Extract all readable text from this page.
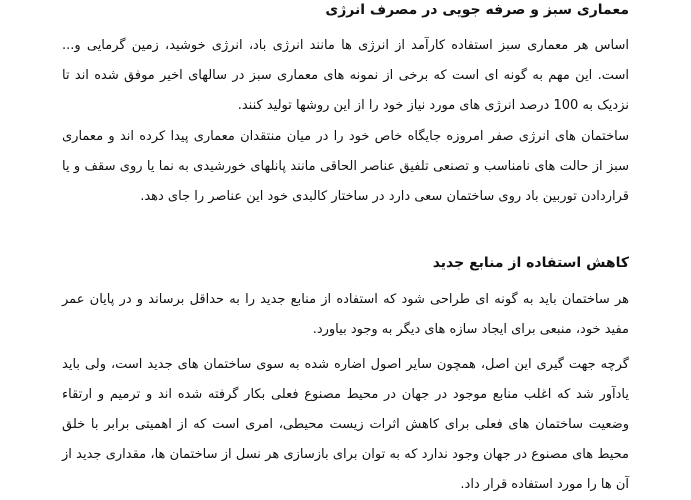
معماری سبز و صرفه جویی در مصرف انرژی

اساس هر معماری سبز استفاده کارآمد از انرژی ها مانند انرژی باد، انرژی خوشید، زمین گرمایی و... است. این مهم به گونه ای است که برخی از نمونه های معماری سبز در سالهای اخیر موفق شده اند تا نزدیک به 100 درصد انرژی های مورد نیاز خود را از این روشها تولید کنند.

ساختمان های انرژی صفر امروزه جایگاه خاص خود را در میان منتقدان معماری پیدا کرده اند و معماری سبز از حالت های نامناسب و تصنعی تلفیق عناصر الحاقی مانند پانلهای خورشیدی به نما یا روی سقف و یا قراردادن توربین باد روی ساختمان سعی دارد در ساختار کالبدی خود این عناصر را جای دهد.

کاهش استفاده از منابع جدید

هر ساختمان باید به گونه ای طراحی شود که استفاده از منابع جدید را به حداقل برساند و در پایان عمر مفید خود، منبعی برای ایجاد سازه های دیگر به وجود بیاورد.

گرچه جهت گیری این اصل، همچون سایر اصول اضاره شده به سوی ساختمان های جدید است، ولی باید یادآور شد که اغلب منابع موجود در جهان در محیط مصنوع فعلی بکار گرفته شده اند و ترمیم و ارتقاء وضعیت ساختمان های فعلی برای کاهش اثرات زیست محیطی، امری است که از اهمیتی برابر با خلق محیط های مصنوع در جهان وجود ندارد که به توان برای بازسازی هر نسل از ساختمان ها، مقداری جدید از آن ها را مورد استفاده قرار داد.
